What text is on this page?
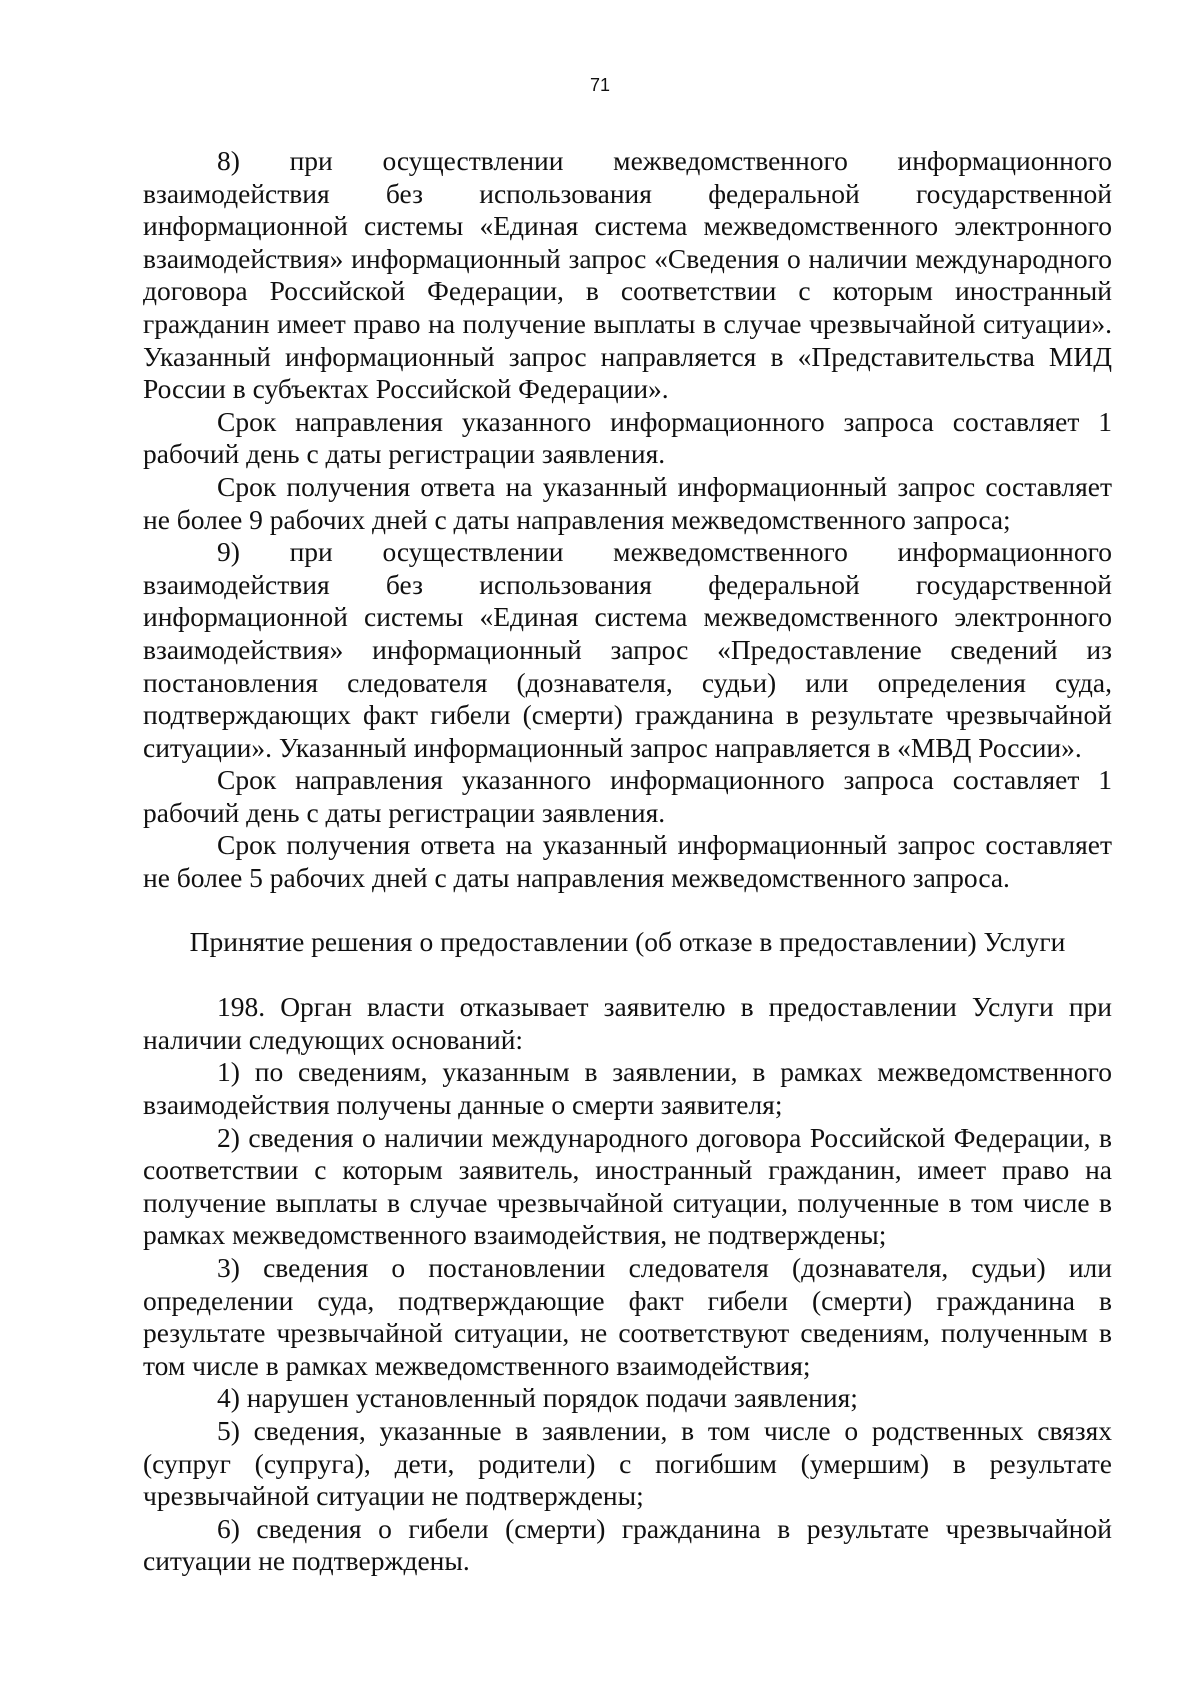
71

8) при осуществлении межведомственного информационного взаимодействия без использования федеральной государственной информационной системы «Единая система межведомственного электронного взаимодействия» информационный запрос «Сведения о наличии международного договора Российской Федерации, в соответствии с которым иностранный гражданин имеет право на получение выплаты в случае чрезвычайной ситуации». Указанный информационный запрос направляется в «Представительства МИД России в субъектах Российской Федерации».

Срок направления указанного информационного запроса составляет 1 рабочий день с даты регистрации заявления.

Срок получения ответа на указанный информационный запрос составляет не более 9 рабочих дней с даты направления межведомственного запроса;

9) при осуществлении межведомственного информационного взаимодействия без использования федеральной государственной информационной системы «Единая система межведомственного электронного взаимодействия» информационный запрос «Предоставление сведений из постановления следователя (дознавателя, судьи) или определения суда, подтверждающих факт гибели (смерти) гражданина в результате чрезвычайной ситуации». Указанный информационный запрос направляется в «МВД России».

Срок направления указанного информационного запроса составляет 1 рабочий день с даты регистрации заявления.

Срок получения ответа на указанный информационный запрос составляет не более 5 рабочих дней с даты направления межведомственного запроса.

Принятие решения о предоставлении (об отказе в предоставлении) Услуги

198. Орган власти отказывает заявителю в предоставлении Услуги при наличии следующих оснований:

1) по сведениям, указанным в заявлении, в рамках межведомственного взаимодействия получены данные о смерти заявителя;

2) сведения о наличии международного договора Российской Федерации, в соответствии с которым заявитель, иностранный гражданин, имеет право на получение выплаты в случае чрезвычайной ситуации, полученные в том числе в рамках межведомственного взаимодействия, не подтверждены;

3) сведения о постановлении следователя (дознавателя, судьи) или определении суда, подтверждающие факт гибели (смерти) гражданина в результате чрезвычайной ситуации, не соответствуют сведениям, полученным в том числе в рамках межведомственного взаимодействия;

4) нарушен установленный порядок подачи заявления;

5) сведения, указанные в заявлении, в том числе о родственных связях (супруг (супруга), дети, родители) с погибшим (умершим) в результате чрезвычайной ситуации не подтверждены;

6) сведения о гибели (смерти) гражданина в результате чрезвычайной ситуации не подтверждены.
